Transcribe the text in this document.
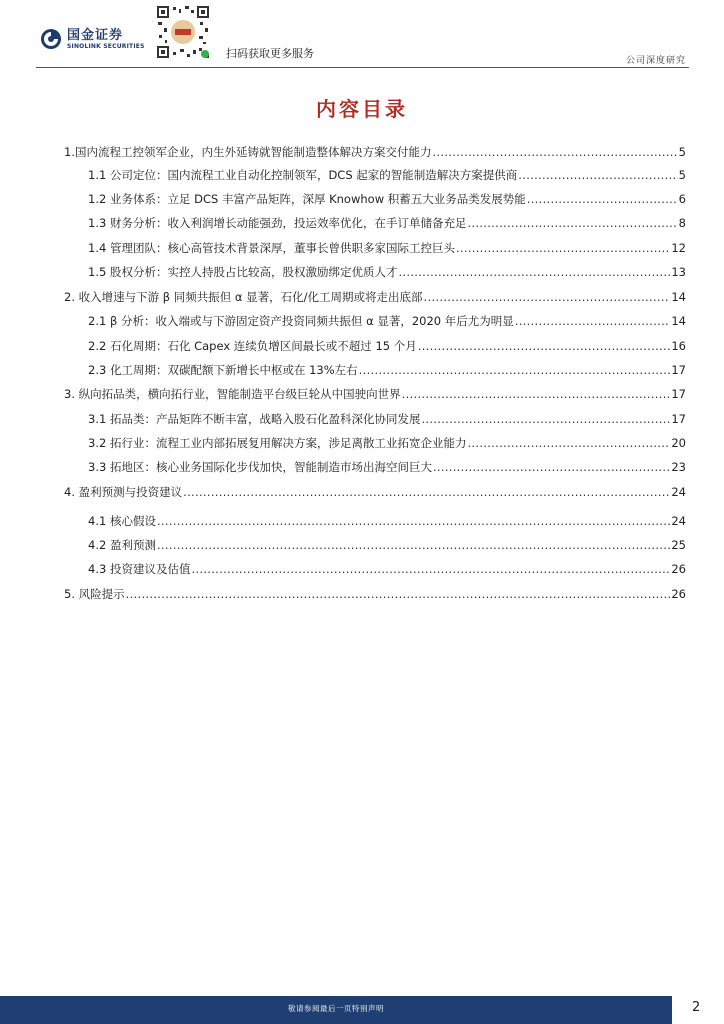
国金证券
SINOLINK SECURITIES
扫码获取更多服务
公司深度研究
内容目录
1.国内流程工控领军企业，内生外延铸就智能制造整体解决方案交付能力 .....	5
1.1 公司定位：国内流程工业自动化控制领军，DCS 起家的智能制造解决方案提供商 .....	5
1.2 业务体系：立足 DCS 丰富产品矩阵，深厚 Knowhow 积蓄五大业务品类发展势能 .....	6
1.3 财务分析：收入利润增长动能强劲，投运效率优化，在手订单储备充足 .....	8
1.4 管理团队：核心高管技术背景深厚，董事长曾供职多家国际工控巨头 .....	12
1.5 股权分析：实控人持股占比较高，股权激励绑定优质人才 .....	13
2. 收入增速与下游 β 同频共振但 α 显著，石化/化工周期或将走出底部 .....	14
2.1 β 分析：收入端或与下游固定资产投资同频共振但 α 显著，2020 年后尤为明显 .....	14
2.2 石化周期：石化 Capex 连续负增区间最长或不超过 15 个月 .....	16
2.3 化工周期：双碳配额下新增长中枢或在 13%左右 .....	17
3. 纵向拓品类，横向拓行业，智能制造平台级巨轮从中国驶向世界 .....	17
3.1 拓品类：产品矩阵不断丰富，战略入股石化盈科深化协同发展 .....	17
3.2 拓行业：流程工业内部拓展复用解决方案，涉足离散工业拓宽企业能力 .....	20
3.3 拓地区：核心业务国际化步伐加快，智能制造市场出海空间巨大 .....	23
4. 盈利预测与投资建议 .....	24
4.1 核心假设 .....	24
4.2 盈利预测 .....	25
4.3 投资建议及估值 .....	26
5. 风险提示 .....	26
敬请参阅最后一页特别声明	2
